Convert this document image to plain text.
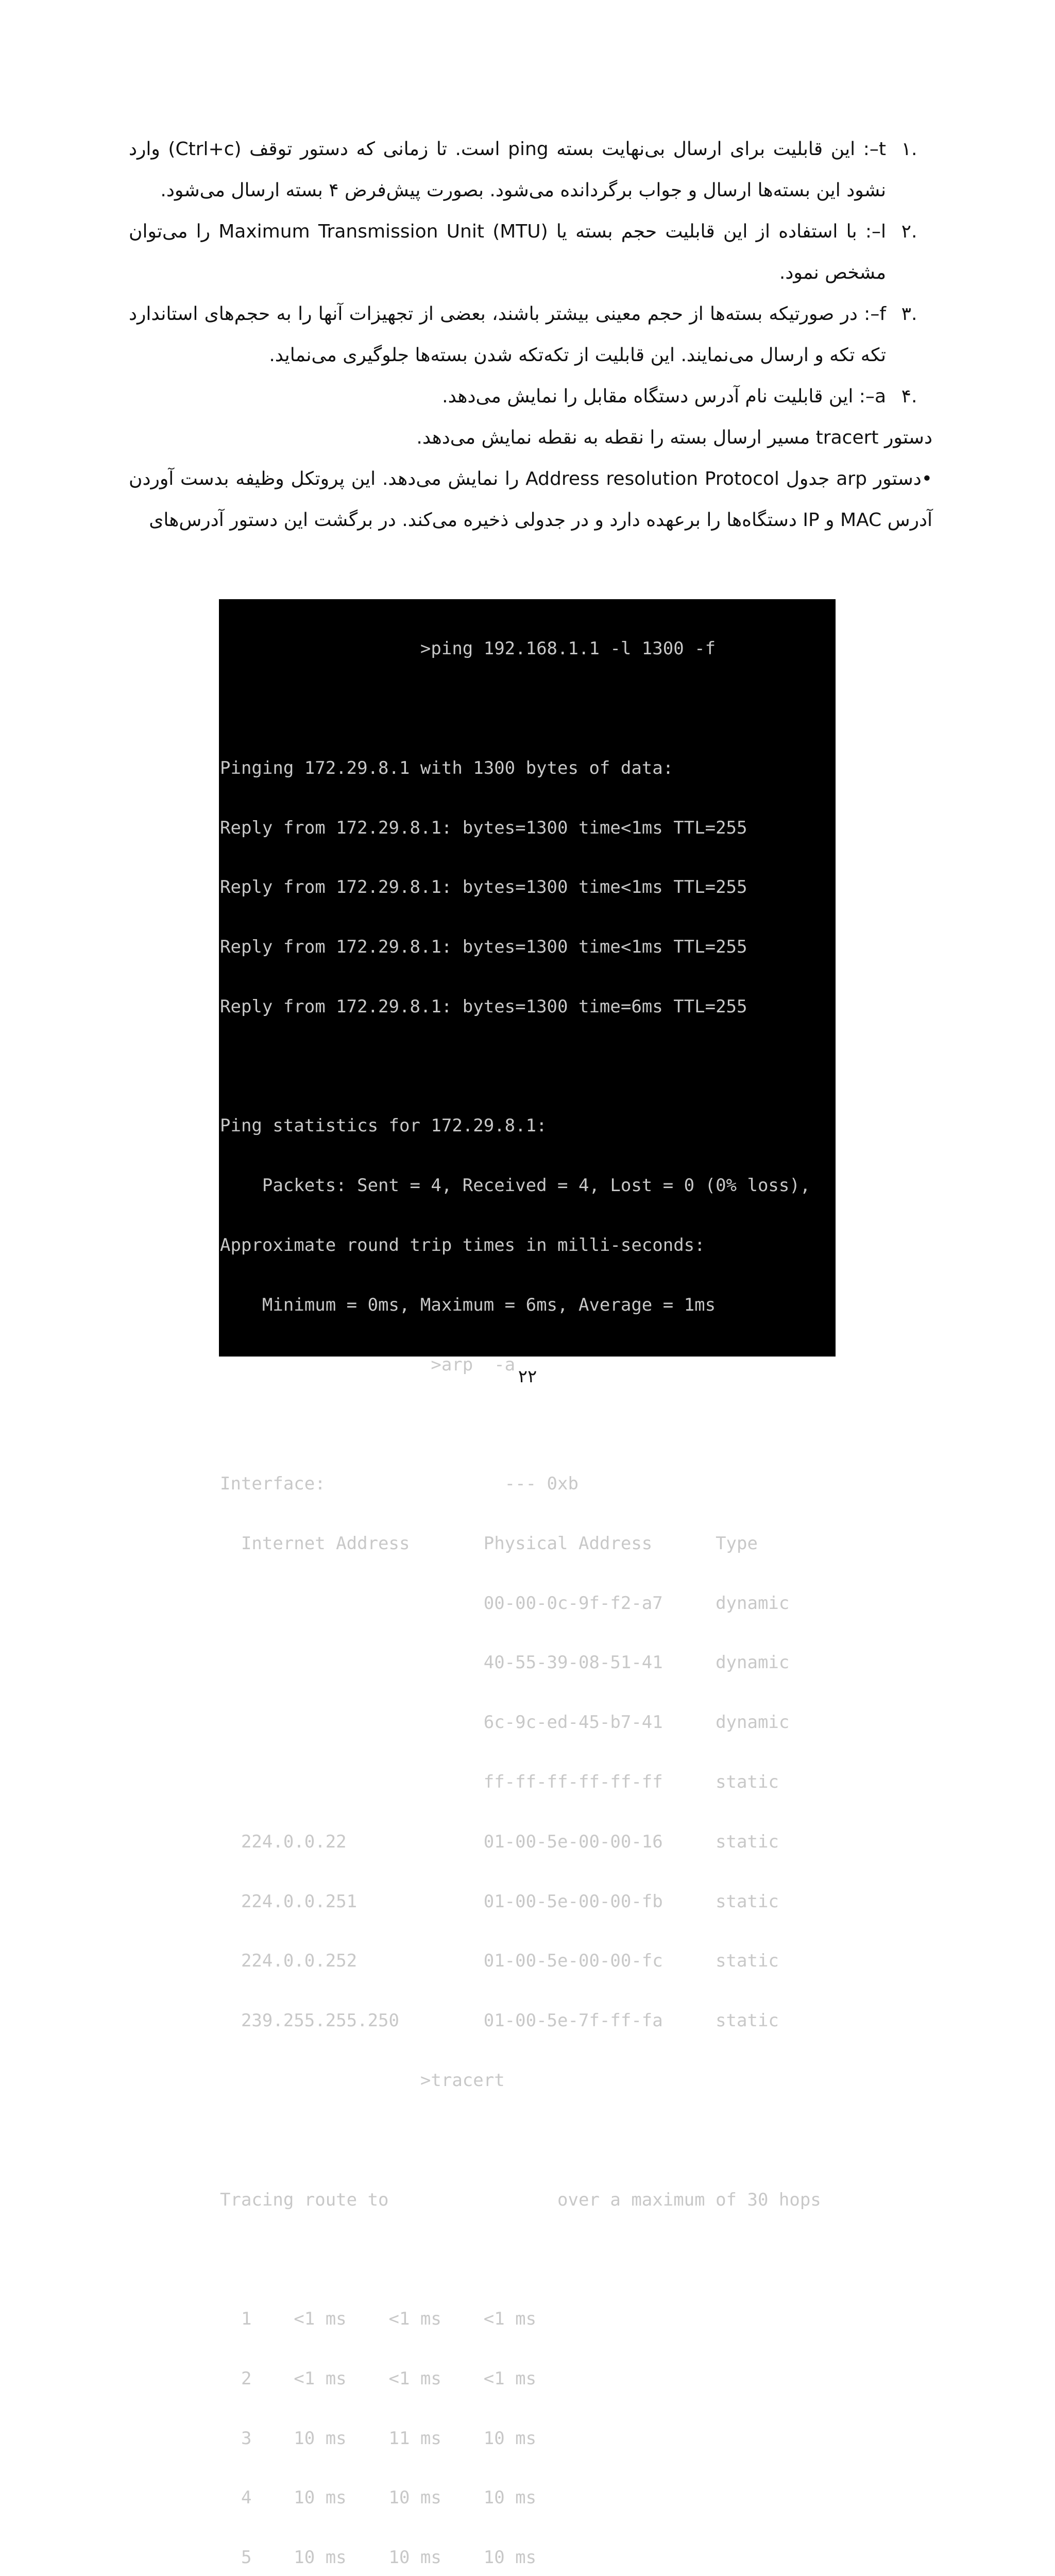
.۱
t–: این قابلیت برای ارسال بی‌نهایت بسته ping است. تا زمانی که دستور توقف (Ctrl+c) وارد نشود این بسته‌ها ارسال و جواب برگردانده می‌شود. بصورت پیش‌فرض ۴ بسته ارسال می‌شود.
.۲
l–: با استفاده از این قابلیت حجم بسته یا (Maximum Transmission Unit (MTU را می‌توان مشخص نمود.
.۳
f–: در صورتیکه بسته‌ها از حجم معینی بیشتر باشند، بعضی از تجهیزات آنها را به حجم‌های استاندارد تکه تکه و ارسال می‌نمایند. این قابلیت از تکه‌تکه شدن بسته‌ها جلوگیری می‌نماید.
.۴
a–: این قابلیت نام آدرس دستگاه مقابل را نمایش می‌دهد.

دستور tracert مسیر ارسال بسته را نقطه به نقطه نمایش می‌دهد.

•دستور arp جدول Address resolution Protocol را نمایش می‌دهد. این پروتکل وظیفه بدست آوردن آدرس MAC و IP دستگاه‌ها را برعهده دارد و در جدولی ذخیره می‌کند. در برگشت این دستور آدرس‌های

>ping 192.168.1.1 -l 1300 -f

Pinging 172.29.8.1 with 1300 bytes of data:

Reply from 172.29.8.1: bytes=1300 time<1ms TTL=255

Reply from 172.29.8.1: bytes=1300 time<1ms TTL=255

Reply from 172.29.8.1: bytes=1300 time<1ms TTL=255

Reply from 172.29.8.1: bytes=1300 time=6ms TTL=255

Ping statistics for 172.29.8.1:

Packets: Sent = 4, Received = 4, Lost = 0 (0% loss),

Approximate round trip times in milli-seconds:

Minimum = 0ms, Maximum = 6ms, Average = 1ms

>arp  -a

Interface:                 --- 0xb

Internet Address       Physical Address      Type

00-00-0c-9f-f2-a7     dynamic

40-55-39-08-51-41     dynamic

6c-9c-ed-45-b7-41     dynamic

ff-ff-ff-ff-ff-ff     static

224.0.0.22             01-00-5e-00-00-16     static

224.0.0.251            01-00-5e-00-00-fb     static

224.0.0.252            01-00-5e-00-00-fc     static

239.255.255.250        01-00-5e-7f-ff-fa     static

>tracert

Tracing route to                over a maximum of 30 hops

1    <1 ms    <1 ms    <1 ms

2    <1 ms    <1 ms    <1 ms

3    10 ms    11 ms    10 ms

4    10 ms    10 ms    10 ms

5    10 ms    10 ms    10 ms

۲۲
